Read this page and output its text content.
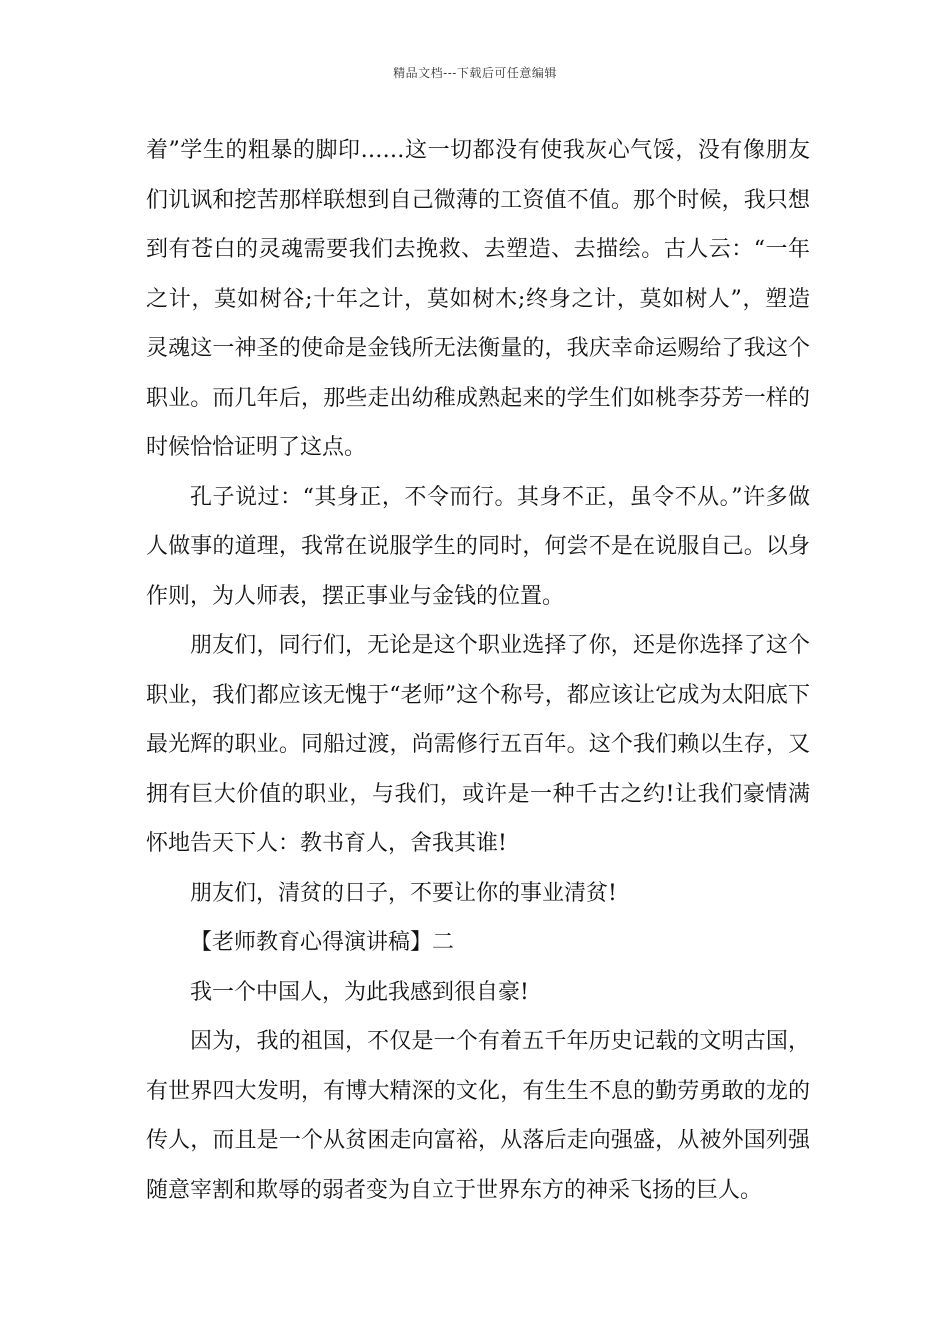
精品文档---下载后可任意编辑

着”学生的粗暴的脚印……这一切都没有使我灰心气馁，没有像朋友们讥讽和挖苦那样联想到自己微薄的工资值不值。那个时候，我只想到有苍白的灵魂需要我们去挽救、去塑造、去描绘。古人云：“一年之计，莫如树谷;十年之计，莫如树木;终身之计，莫如树人”，塑造灵魂这一神圣的使命是金钱所无法衡量的，我庆幸命运赐给了我这个职业。而几年后，那些走出幼稚成熟起来的学生们如桃李芬芳一样的时候恰恰证明了这点。

孔子说过：“其身正，不令而行。其身不正，虽令不从。”许多做人做事的道理，我常在说服学生的同时，何尝不是在说服自己。以身作则，为人师表，摆正事业与金钱的位置。

朋友们，同行们，无论是这个职业选择了你，还是你选择了这个职业，我们都应该无愧于“老师”这个称号，都应该让它成为太阳底下最光辉的职业。同船过渡，尚需修行五百年。这个我们赖以生存，又拥有巨大价值的职业，与我们，或许是一种千古之约!让我们豪情满怀地告天下人：教书育人，舍我其谁!

朋友们，清贫的日子，不要让你的事业清贫!

【老师教育心得演讲稿】二

我一个中国人，为此我感到很自豪!

因为，我的祖国，不仅是一个有着五千年历史记载的文明古国，有世界四大发明，有博大精深的文化，有生生不息的勤劳勇敢的龙的传人，而且是一个从贫困走向富裕，从落后走向强盛，从被外国列强随意宰割和欺辱的弱者变为自立于世界东方的神采飞扬的巨人。
